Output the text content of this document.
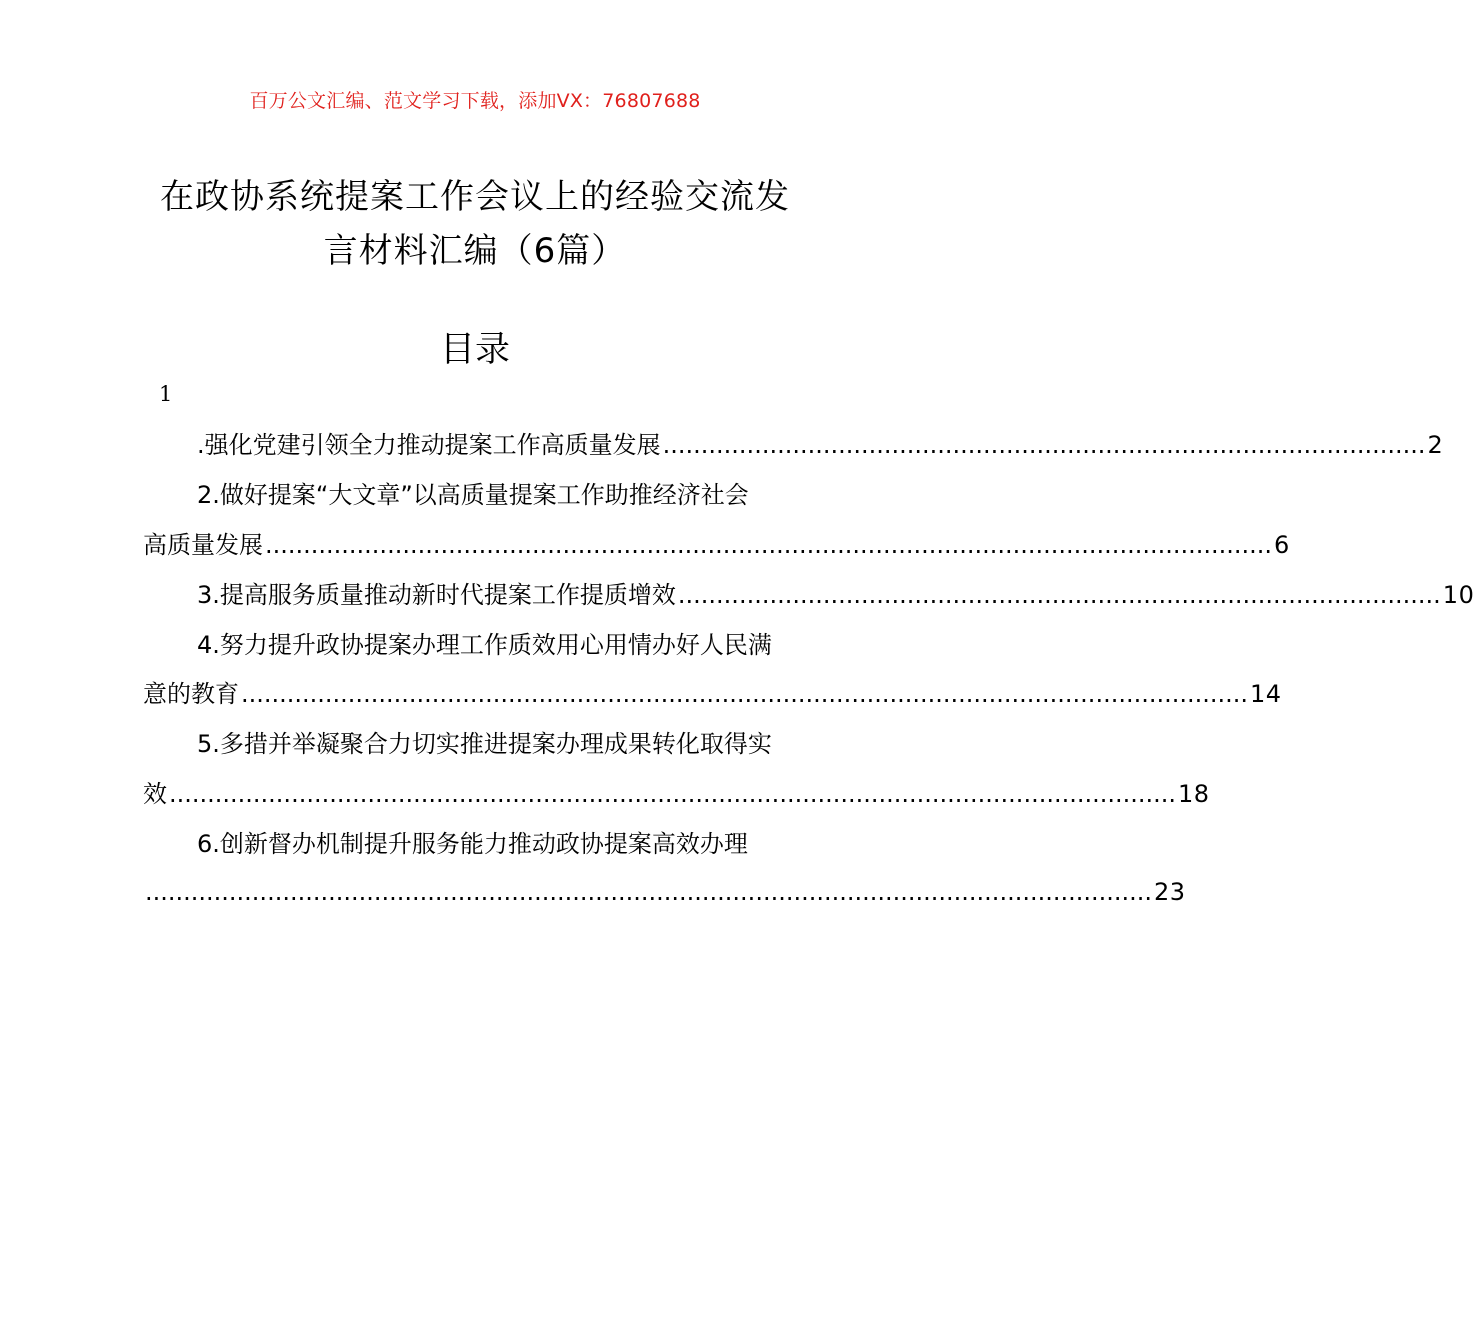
百万公文汇编、范文学习下载，添加VX：76807688
在政协系统提案工作会议上的经验交流发
言材料汇编（6篇）
目录
1
.强化党建引领全力推动提案工作高质量发展 .................................................................................................... 2
2.做好提案“大文章”以高质量提案工作助推经济社会
高质量发展 .................................................................................................................................... 6
3.提高服务质量推动新时代提案工作提质增效 .................................................................................................... 10
4.努力提升政协提案办理工作质效用心用情办好人民满
意的教育 .................................................................................................................................... 14
5.多措并举凝聚合力切实推进提案办理成果转化取得实
效 .................................................................................................................................... 18
6.创新督办机制提升服务能力推动政协提案高效办理
.................................................................................................................................... 23
